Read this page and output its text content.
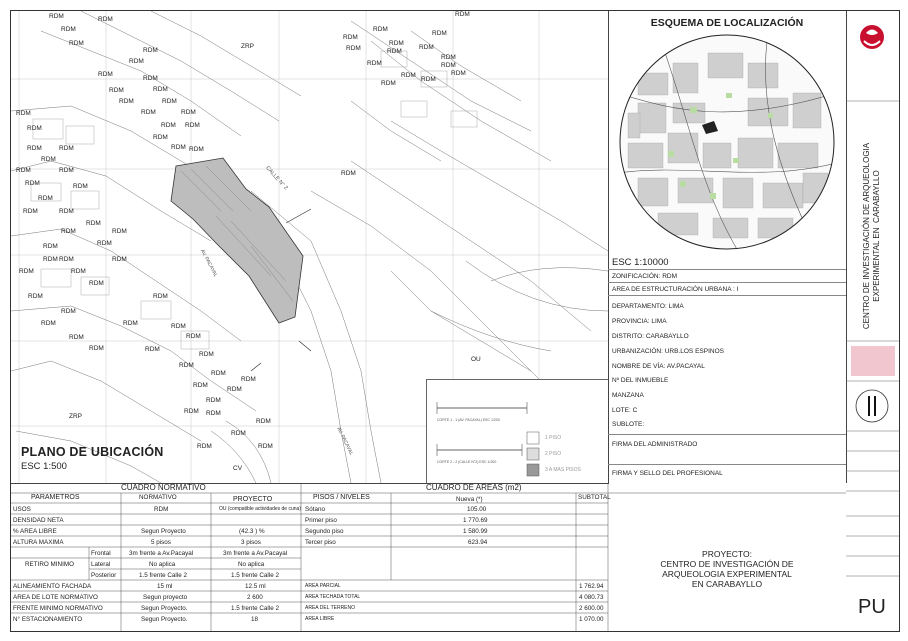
RDM
RDM
RDM
RDM
RDM
RDM
RDM
RDM
RDM	RDM
RDM	RDM
RDM	RDM
RDM
RDM RDM
RDM
RDM
RDM
RDM	RDM	RDM
RDM
RDM	RDM
RDM	RDM
RDM
RDM	RDM
RDM
RDM	RDM
RDM	RDM
RDM RDM	RDM
RDM
RDM
RDM
RDM
RDM
RDM
RDM	RDM
RDM
RDM
RDM
RDM
RDM
RDM
RDM
RDM
RDM
RDM
RDM
RDM
RDM RDM
RDM
RDM
RDM	RDM
RDM
RDM
RDM
RDM
RDM
RDM	RDM
RDM
RDM
RDM
RDM
RDM
RDM
RDM
RDM
RDM
ZRP
ZRP
OU
CV
CALLE N° 2
AV. PACAYAL
AV. PACAYAL
PLANO DE UBICACIÓN
ESC 1:500
CORTE 1 - 1 (AV. PACAYAL) ESC 1/200
CORTE 2 - 2 (CALLE N°2) ESC 1/200
1 PISO
2 PISO
3 A MAS PISOS
ESQUEMA DE LOCALIZACIÓN
ESC 1:10000
ZONIFICACIÓN: RDM
AREA DE ESTRUCTURACIÓN URBANA : I
DEPARTAMENTO: LIMA
PROVINCIA: LIMA
DISTRITO: CARABAYLLO
URBANIZACIÓN: URB.LOS ESPINOS
NOMBRE DE VÍA: AV.PACAYAL
Nº DEL INMUEBLE
MANZANA
LOTE: C
SUBLOTE:
FIRMA DEL ADMINISTRADO
FIRMA Y SELLO DEL PROFESIONAL
CENTRO DE INVESTIGACIÓN DE ARQUEOLOGIA
EXPERIMENTAL EN  CARABAYLLO
PU
CUADRO NORMATIVO	CUADRO DE AREAS (m2)
PARAMETROS	NORMATIVO	PROYECTO	PISOS / NIVELES	Nueva (*)	SUBTOTAL
USOS	RDM	OU (compatible actividades de cuna)
DENSIDAD NETA
% AREA LIBRE	Segun Proyecto	(42.3 ) %
ALTURA MAXIMA	5 pisos	3 pisos
RETIRO MINIMO
Frontal	3m frente a Av.Pacayal	3m frente a Av.Pacayal
Lateral	No aplica	No aplica
Posterior	1.5 frente Calle 2	1.5 frente Calle 2
ALINEAMIENTO FACHADA	15 ml	12.5 ml
AREA DE LOTE NORMATIVO	Segun proyecto	2 600
FRENTE MINIMO NORMATIVO	Segun Proyecto.	1.5 frente Calle 2
N° ESTACIONAMIENTO	Segun Proyecto.	18
Sótano	105.00
Primer piso	1 770.69
Segundo piso	1 580.99
Tercer piso	623.94
AREA PARCIAL	1 762.94
AREA TECHADA TOTAL	4 080.73
AREA DEL TERRENO	2 600.00
AREA LIBRE	1 070.00
PROYECTO:
CENTRO DE INVESTIGACIÓN DE
ARQUEOLOGIA EXPERIMENTAL
EN CARABAYLLO
